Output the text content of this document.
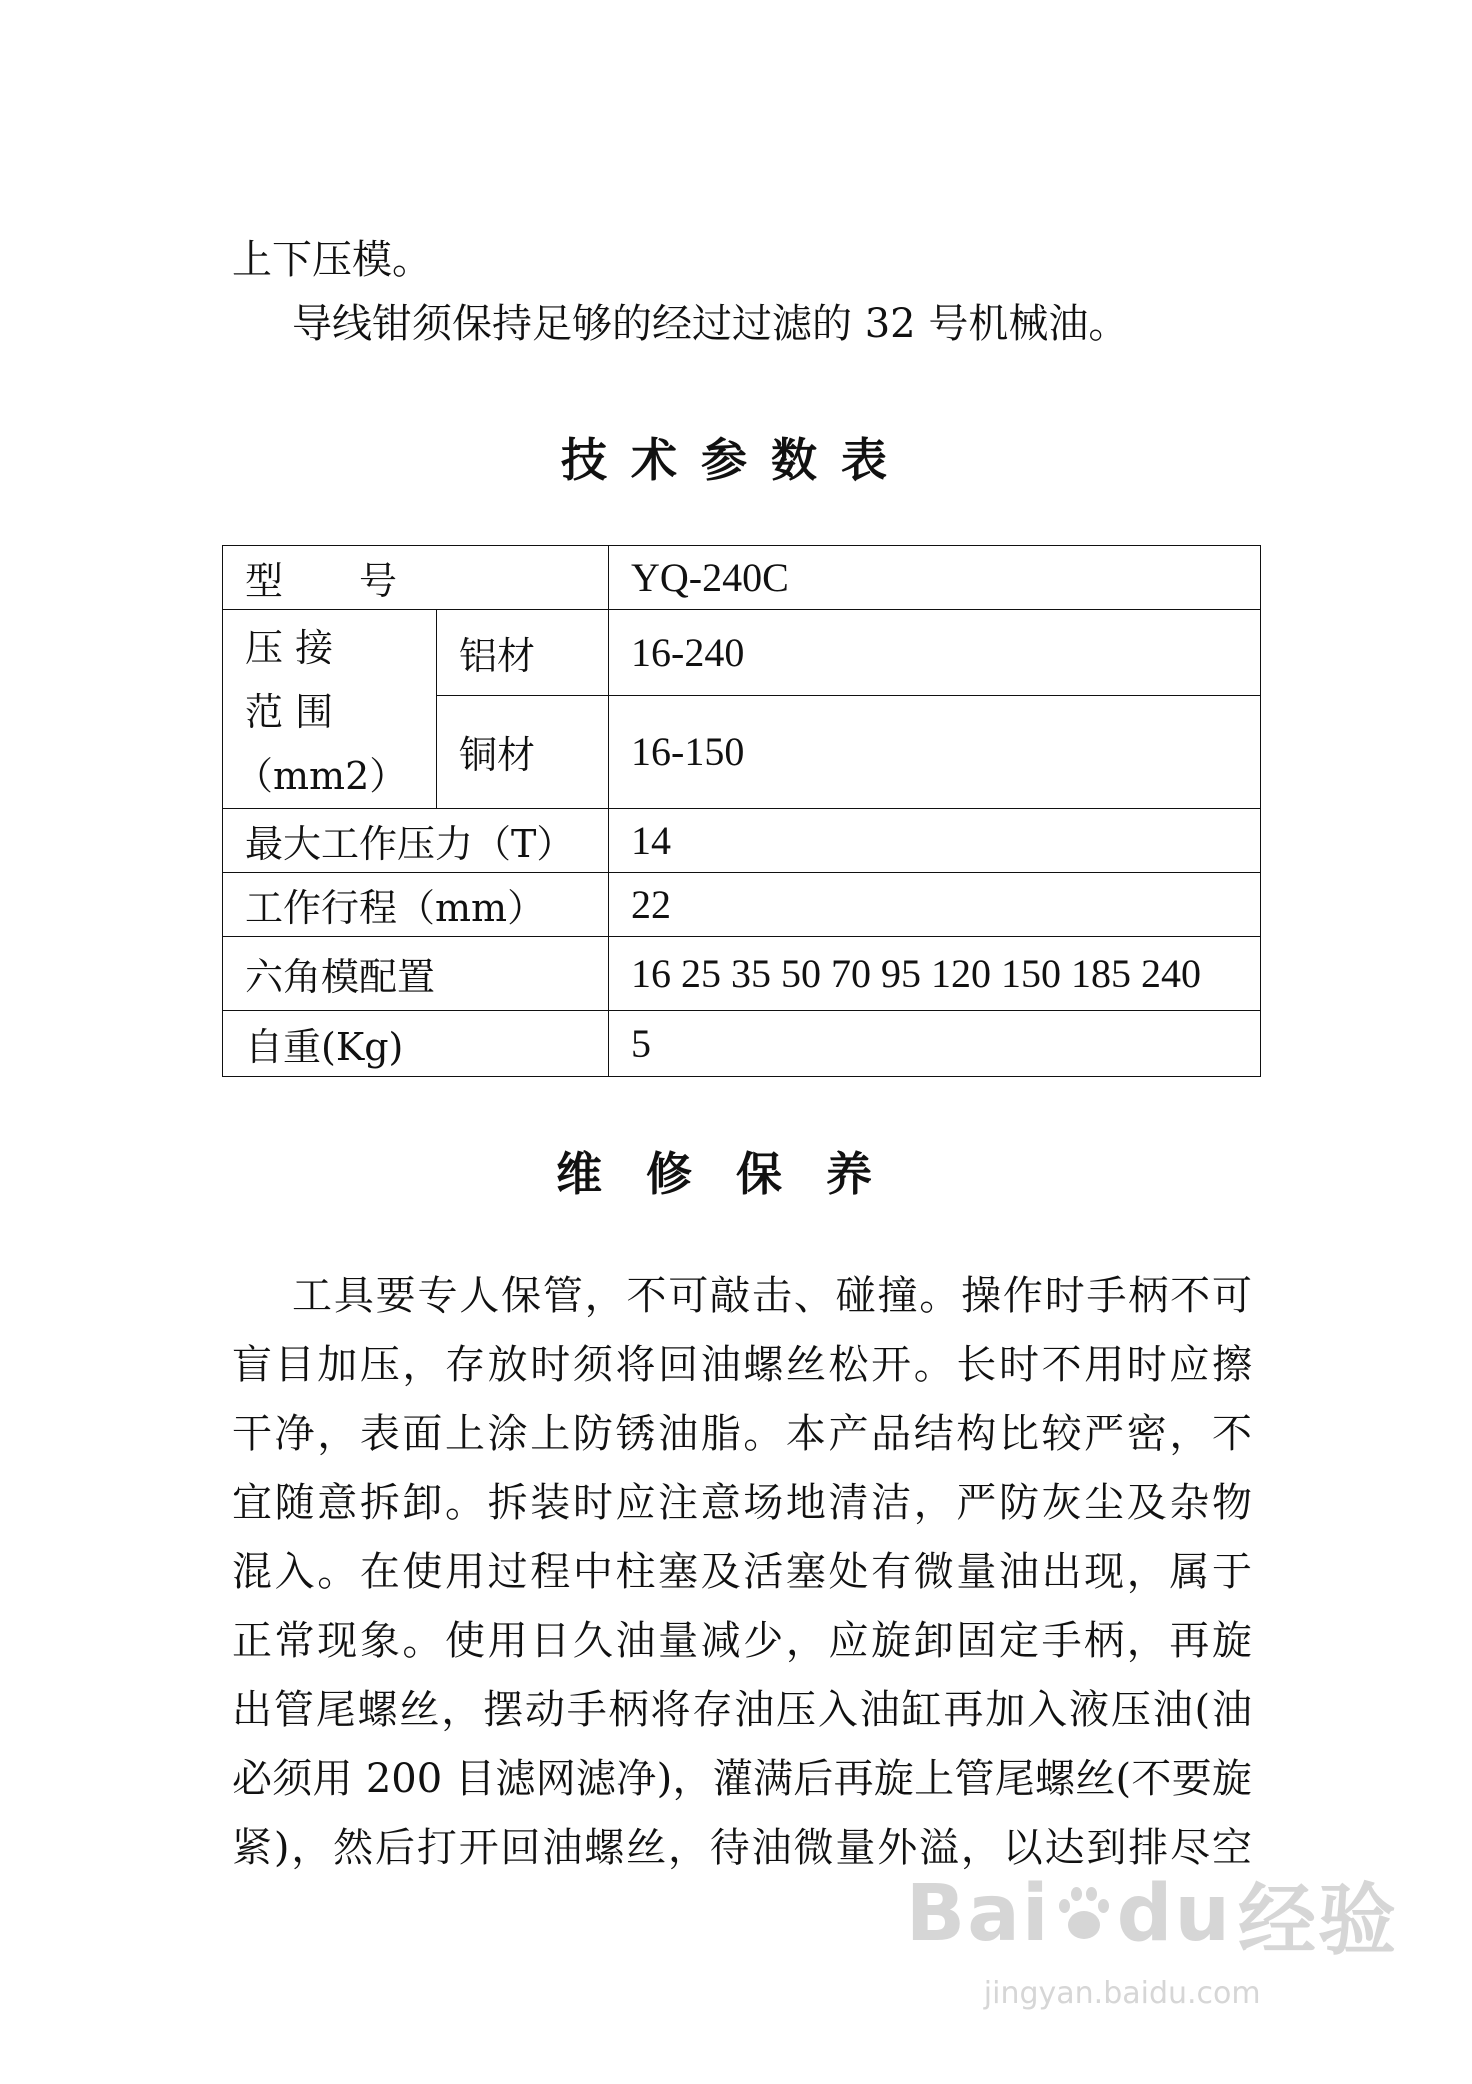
上下压模。
导线钳须保持足够的经过过滤的 32 号机械油。
技术参数表
型　　号		YQ-240C

压 接
范 围
（mm2）	铝材	16-240
	铜材	16-150
最大工作压力（T）		14
工作行程（mm）		22
六角模配置		16 25 35 50 70 95 120 150 185 240
自重(Kg)		5
维修保养
工具要专人保管，不可敲击、碰撞。操作时手柄不可
盲目加压，存放时须将回油螺丝松开。长时不用时应擦
干净，表面上涂上防锈油脂。本产品结构比较严密，不
宜随意拆卸。拆装时应注意场地清洁，严防灰尘及杂物
混入。在使用过程中柱塞及活塞处有微量油出现，属于
正常现象。使用日久油量减少，应旋卸固定手柄，再旋
出管尾螺丝，摆动手柄将存油压入油缸再加入液压油(油
必须用 200 目滤网滤净)，灌满后再旋上管尾螺丝(不要旋
紧)，然后打开回油螺丝，待油微量外溢，以达到排尽空
Bai du 经验
jingyan.baidu.com
